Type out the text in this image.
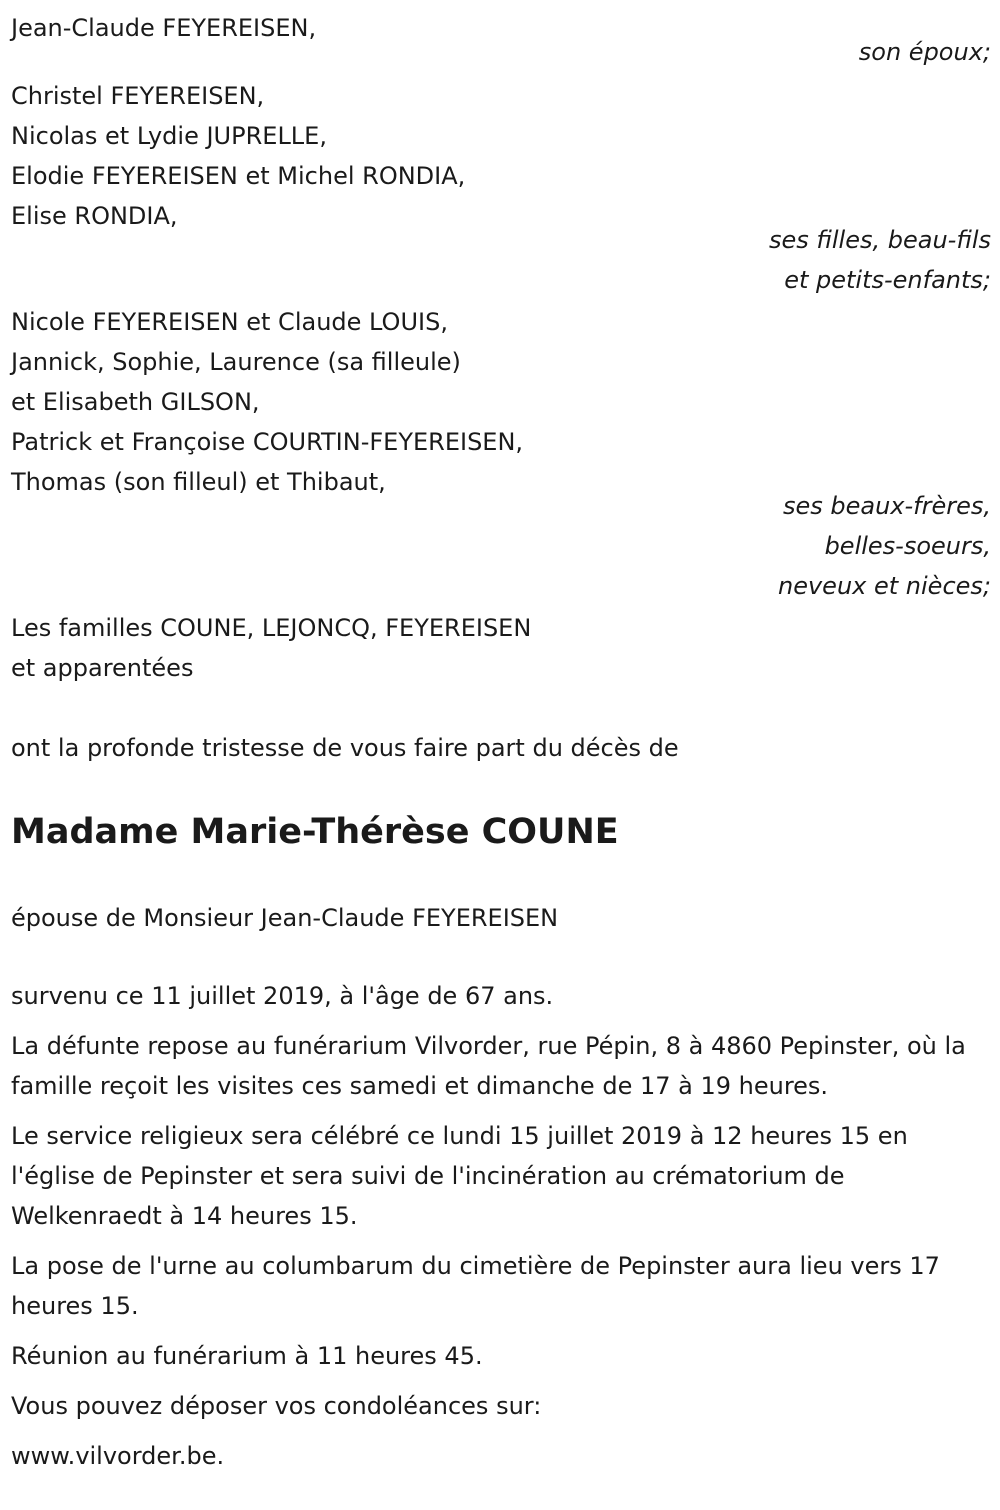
Jean-Claude FEYEREISEN,
son époux;
Christel FEYEREISEN,
Nicolas et Lydie JUPRELLE,
Elodie FEYEREISEN et Michel RONDIA,
Elise RONDIA,
ses filles, beau-fils
et petits-enfants;
Nicole FEYEREISEN et Claude LOUIS,
Jannick, Sophie, Laurence (sa filleule)
et Elisabeth GILSON,
Patrick et Françoise COURTIN-FEYEREISEN,
Thomas (son filleul) et Thibaut,
ses beaux-frères,
belles-soeurs,
neveux et nièces;
Les familles COUNE, LEJONCQ, FEYEREISEN
et apparentées
ont la profonde tristesse de vous faire part du décès de
Madame Marie-Thérèse COUNE
épouse de Monsieur Jean-Claude FEYEREISEN
survenu ce 11 juillet 2019, à l'âge de 67 ans.
La défunte repose au funérarium Vilvorder, rue Pépin, 8 à 4860 Pepinster, où la famille reçoit les visites ces samedi et dimanche de 17 à 19 heures.
Le service religieux sera célébré ce lundi 15 juillet 2019 à 12 heures 15 en l'église de Pepinster et sera suivi de l'incinération au crématorium de Welkenraedt à 14 heures 15.
La pose de l'urne au columbarum du cimetière de Pepinster aura lieu vers 17 heures 15.
Réunion au funérarium à 11 heures 45.
Vous pouvez déposer vos condoléances sur:
www.vilvorder.be.
